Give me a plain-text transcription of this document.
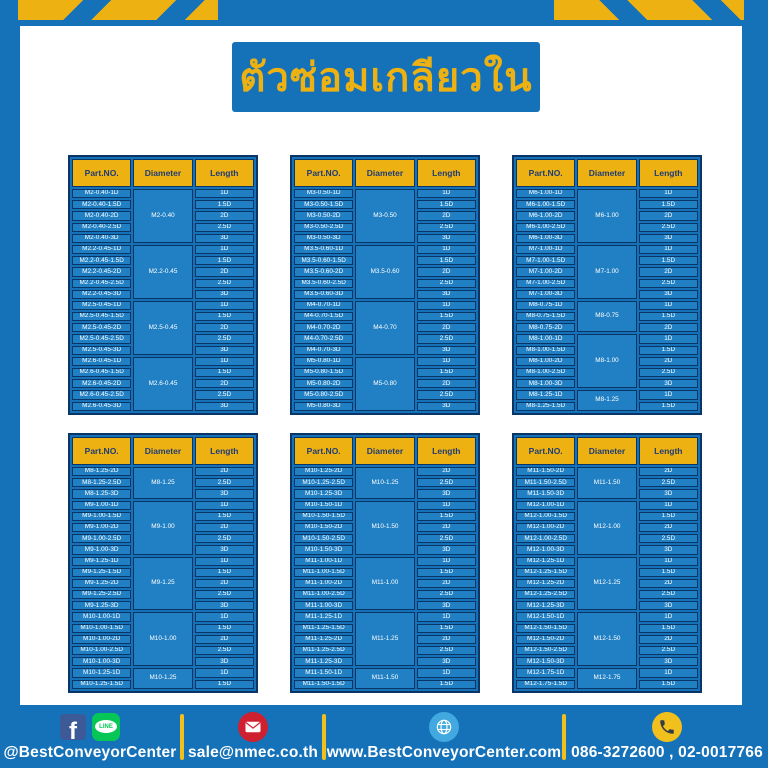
ตัวซ่อมเกลียวใน
Part.NO.	Diameter	Length
M2-0.40-1D	M2-0.40	1D
M2-0.40-1.5D		1.5D
M2-0.40-2D		2D
M2-0.40-2.5D		2.5D
M2-0.40-3D		3D
M2.2-0.45-1D	M2.2-0.45	1D
M2.2-0.45-1.5D		1.5D
M2.2-0.45-2D		2D
M2.2-0.45-2.5D		2.5D
M2.2-0.45-3D		3D
M2.5-0.45-1D	M2.5-0.45	1D
M2.5-0.45-1.5D		1.5D
M2.5-0.45-2D		2D
M2.5-0.45-2.5D		2.5D
M2.5-0.45-3D		3D
M2.6-0.45-1D	M2.6-0.45	1D
M2.6-0.45-1.5D		1.5D
M2.6-0.45-2D		2D
M2.6-0.45-2.5D		2.5D
M2.6-0.45-3D		3D
Part.NO.	Diameter	Length
M3-0.50-1D	M3-0.50	1D
M3-0.50-1.5D		1.5D
M3-0.50-2D		2D
M3-0.50-2.5D		2.5D
M3-0.50-3D		3D
M3.5-0.60-1D	M3.5-0.60	1D
M3.5-0.60-1.5D		1.5D
M3.5-0.60-2D		2D
M3.5-0.60-2.5D		2.5D
M3.5-0.60-3D		3D
M4-0.70-1D	M4-0.70	1D
M4-0.70-1.5D		1.5D
M4-0.70-2D		2D
M4-0.70-2.5D		2.5D
M4-0.70-3D		3D
M5-0.80-1D	M5-0.80	1D
M5-0.80-1.5D		1.5D
M5-0.80-2D		2D
M5-0.80-2.5D		2.5D
M5-0.80-3D		3D
Part.NO.	Diameter	Length
M6-1.00-1D	M6-1.00	1D
M6-1.00-1.5D		1.5D
M6-1.00-2D		2D
M6-1.00-2.5D		2.5D
M6-1.00-3D		3D
M7-1.00-1D	M7-1.00	1D
M7-1.00-1.5D		1.5D
M7-1.00-2D		2D
M7-1.00-2.5D		2.5D
M7-1.00-3D		3D
M8-0.75-1D	M8-0.75	1D
M8-0.75-1.5D		1.5D
M8-0.75-2D		2D
M8-1.00-1D	M8-1.00	1D
M8-1.00-1.5D		1.5D
M8-1.00-2D		2D
M8-1.00-2.5D		2.5D
M8-1.00-3D		3D
M8-1.25-1D	M8-1.25	1D
M8-1.25-1.5D		1.5D
Part.NO.	Diameter	Length
M8-1.25-2D	M8-1.25	2D
M8-1.25-2.5D		2.5D
M8-1.25-3D		3D
M9-1.00-1D	M9-1.00	1D
M9-1.00-1.5D		1.5D
M9-1.00-2D		2D
M9-1.00-2.5D		2.5D
M9-1.00-3D		3D
M9-1.25-1D	M9-1.25	1D
M9-1.25-1.5D		1.5D
M9-1.25-2D		2D
M9-1.25-2.5D		2.5D
M9-1.25-3D		3D
M10-1.00-1D	M10-1.00	1D
M10-1.00-1.5D		1.5D
M10-1.00-2D		2D
M10-1.00-2.5D		2.5D
M10-1.00-3D		3D
M10-1.25-1D	M10-1.25	1D
M10-1.25-1.5D		1.5D
Part.NO.	Diameter	Length
M10-1.25-2D	M10-1.25	2D
M10-1.25-2.5D		2.5D
M10-1.25-3D		3D
M10-1.50-1D	M10-1.50	1D
M10-1.50-1.5D		1.5D
M10-1.50-2D		2D
M10-1.50-2.5D		2.5D
M10-1.50-3D		3D
M11-1.00-1D	M11-1.00	1D
M11-1.00-1.5D		1.5D
M11-1.00-2D		2D
M11-1.00-2.5D		2.5D
M11-1.00-3D		3D
M11-1.25-1D	M11-1.25	1D
M11-1.25-1.5D		1.5D
M11-1.25-2D		2D
M11-1.25-2.5D		2.5D
M11-1.25-3D		3D
M11-1.50-1D	M11-1.50	1D
M11-1.50-1.5D		1.5D
Part.NO.	Diameter	Length
M11-1.50-2D	M11-1.50	2D
M11-1.50-2.5D		2.5D
M11-1.50-3D		3D
M12-1.00-1D	M12-1.00	1D
M12-1.00-1.5D		1.5D
M12-1.00-2D		2D
M12-1.00-2.5D		2.5D
M12-1.00-3D		3D
M12-1.25-1D	M12-1.25	1D
M12-1.25-1.5D		1.5D
M12-1.25-2D		2D
M12-1.25-2.5D		2.5D
M12-1.25-3D		3D
M12-1.50-1D	M12-1.50	1D
M12-1.50-1.5D		1.5D
M12-1.50-2D		2D
M12-1.50-2.5D		2.5D
M12-1.50-3D		3D
M12-1.75-1D	M12-1.75	1D
M12-1.75-1.5D		1.5D
f	LINE
@BestConveyorCenter sale@nmec.co.th www.BestConveyorCenter.com 086-3272600 , 02-0017766
